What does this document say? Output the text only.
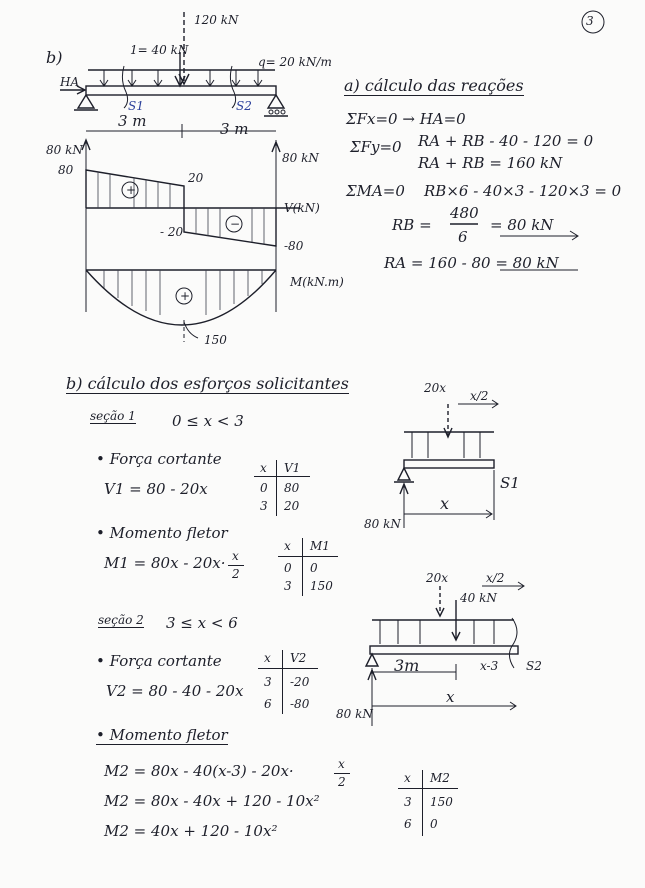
3
b)
120 kN
1= 40 kN
q= 20 kN/m
HA
S1	S2
3 m	3 m
80 kN
80 kN
80
20
- 20
-80
V(kN)
+
−
M(kN.m)
+
150
a) cálculo das reações
ΣFx=0 → HA=0
ΣFy=0 RA + RB - 40 - 120 = 0
RA + RB = 160 kN
ΣMA=0 RB×6 - 40×3 - 120×3 = 0
RB =
480
6
= 80 kN
RA = 160 - 80 = 80 kN
b) cálculo dos esforços solicitantes
seção 1 0 ≤ x < 3
• Força cortante
V1 = 80 - 20x
x V1
0 80
3 20
• Momento fletor
M1 = 80x - 20x· x
2
x M1
0 0
3 150
seção 2 3 ≤ x < 6
• Força cortante
V2 = 80 - 40 - 20x
x V2
3 -20
6 -80
• Momento fletor
M2 = 80x - 40(x-3) - 20x·	x
2
M2 = 80x - 40x + 120 - 10x²
M2 = 40x + 120 - 10x²
x M2
3 150
6 0
20x
x/2
S1
x
80 kN
20x	x/2
40 kN
3m	x-3 S2
x
80 kN
